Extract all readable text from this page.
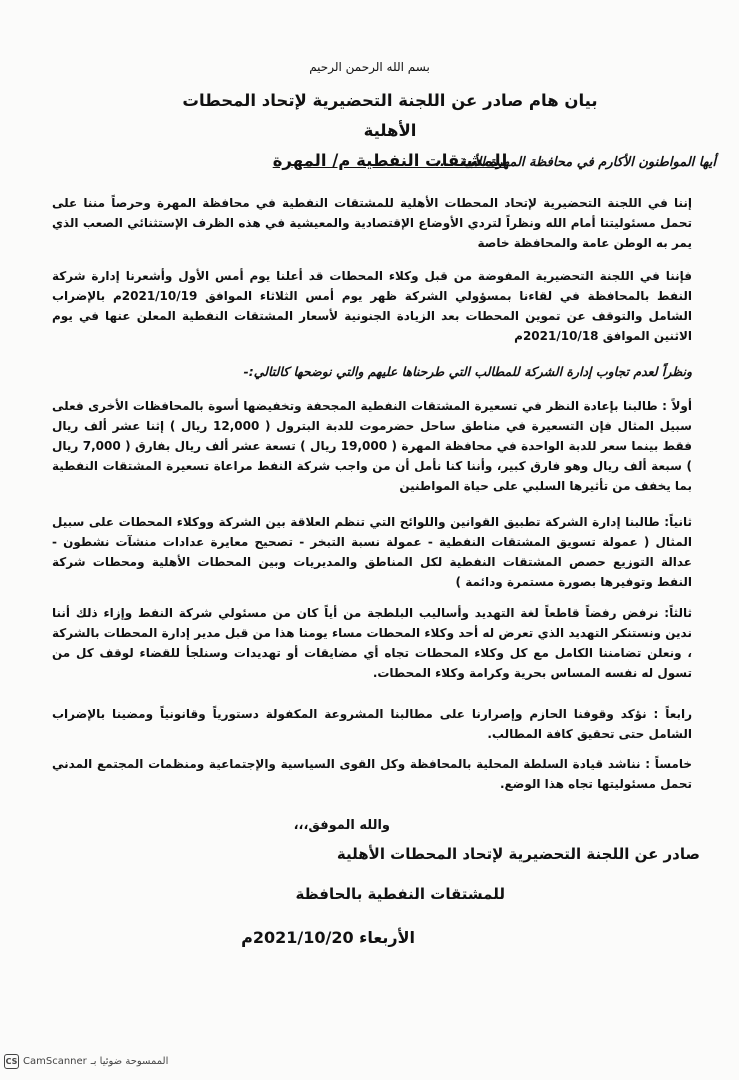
بسم الله الرحمن الرحيم
بيان هام صادر عن اللجنة التحضيرية لإتحاد المحطات الأهلية
للمشتقات النفطية م/ المهرة
أيها المواطنون الأكارم في محافظة المهرة الأبية ....
إننا في اللجنة التحضيرية لإتحاد المحطات الأهلية للمشتقات النفطية في محافظة المهرة وحرصاً مننا على تحمل مسئوليتنا أمام الله ونظراً لتردي الأوضاع الإقتصادية والمعيشية في هذه الظرف الإستثنائي الصعب الذي يمر به الوطن عامة والمحافظة خاصة
فإننا في اللجنة التحضيرية المفوضة من قبل وكلاء المحطات قد أعلنا يوم أمس الأول وأشعرنا إدارة شركة النفط بالمحافظة في لقاءنا بمسؤولي الشركة ظهر يوم أمس الثلاثاء الموافق 2021/10/19م بالإضراب الشامل والتوقف عن تموين المحطات بعد الزيادة الجنونية لأسعار المشتقات النفطية المعلن عنها في يوم الاثنين الموافق 2021/10/18م
ونظراً لعدم تجاوب إدارة الشركة للمطالب التي طرحناها عليهم والتي نوضحها كالتالي:-
أولاً : طالبنا بإعادة النظر في تسعيرة المشتقات النفطية المجحفة وتخفيضها أسوة بالمحافظات الأخرى فعلى سبيل المثال فإن التسعيرة في مناطق ساحل حضرموت للدبة البترول ( 12,000 ريال ) إثنا عشر ألف ريال فقط بينما سعر للدبة الواحدة في محافظة المهرة ( 19,000 ريال ) تسعة عشر ألف ريال بفارق ( 7,000 ريال ) سبعة ألف ريال وهو فارق كبير، وأننا كنا نأمل أن من واجب شركة النفط مراعاة تسعيرة المشتقات النفطية بما يخفف من تأثيرها السلبي على حياة المواطنين
ثانياً: طالبنا إدارة الشركة تطبيق القوانين واللوائح التي تنظم العلاقة بين الشركة ووكلاء المحطات على سبيل المثال ( عمولة تسويق المشتقات النفطية - عمولة نسبة التبخر - تصحيح معايرة عدادات منشآت نشطون - عدالة التوزيع حصص المشتقات النفطية لكل المناطق والمديريات وبين المحطات الأهلية ومحطات شركة النفط وتوفيرها بصورة مستمرة ودائمة )
ثالثاً: نرفض رفضاً قاطعاً لغة التهديد وأساليب البلطجة من أياً كان من مسئولي شركة النفط وإزاء ذلك أننا ندين ونستنكر التهديد الذي تعرض له أحد وكلاء المحطات مساء يومنا هذا من قبل مدير إدارة المحطات بالشركة ، ونعلن تضامننا الكامل مع كل وكلاء المحطات تجاه أي مضايقات أو تهديدات وسنلجأ للقضاء لوقف كل من تسول له نفسه المساس بحرية وكرامة وكلاء المحطات.
رابعاً : نؤكد وقوفنا الحازم وإصرارنا على مطالبنا المشروعة المكفولة دستورياً وقانونياً ومضينا بالإضراب الشامل حتى تحقيق كافة المطالب.
خامساً : نناشد قيادة السلطة المحلية بالمحافظة وكل القوى السياسية والإجتماعية ومنظمات المجتمع المدني تحمل مسئوليتها تجاه هذا الوضع.
والله الموفق،،،
صادر عن اللجنة التحضيرية لإتحاد المحطات الأهلية
للمشتقات النفطية بالحافظة
الأربعاء 2021/10/20م
CS CamScanner الممسوحة ضوئيا بـ
